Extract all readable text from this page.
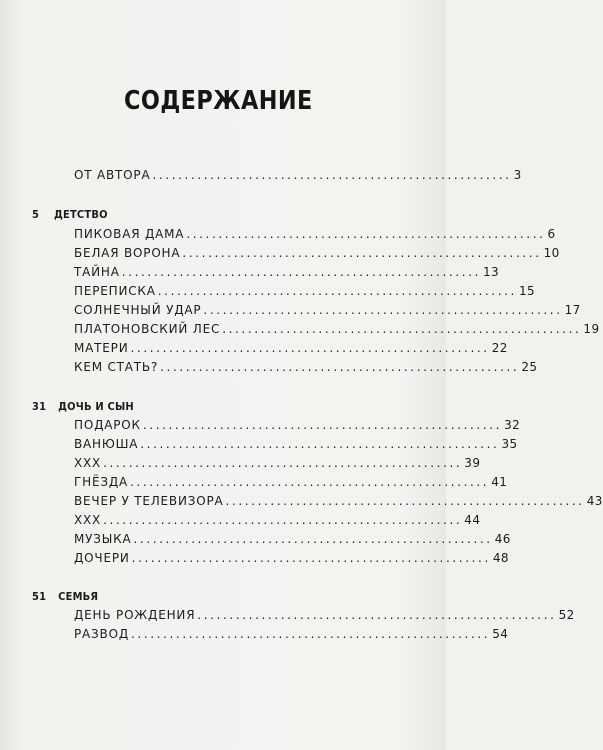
СОДЕРЖАНИЕ
ОТ АВТОРА ........................................................ 3
5 ДЕТСТВО
ПИКОВАЯ ДАМА ........................................................ 6
БЕЛАЯ ВОРОНА ........................................................ 10
ТАЙНА ........................................................ 13
ПЕРЕПИСКА ........................................................ 15
СОЛНЕЧНЫЙ УДАР ........................................................ 17
ПЛАТОНОВСКИЙ ЛЕС ........................................................ 19
МАТЕРИ ........................................................ 22
КЕМ СТАТЬ? ........................................................ 25
31 ДОЧЬ И СЫН
ПОДАРОК ........................................................ 32
ВАНЮША ........................................................ 35
XXX ........................................................ 39
ГНЁЗДА ........................................................ 41
ВЕЧЕР У ТЕЛЕВИЗОРА ........................................................ 43
XXX ........................................................ 44
МУЗЫКА ........................................................ 46
ДОЧЕРИ ........................................................ 48
51 СЕМЬЯ
ДЕНЬ РОЖДЕНИЯ ........................................................ 52
РАЗВОД ........................................................ 54
